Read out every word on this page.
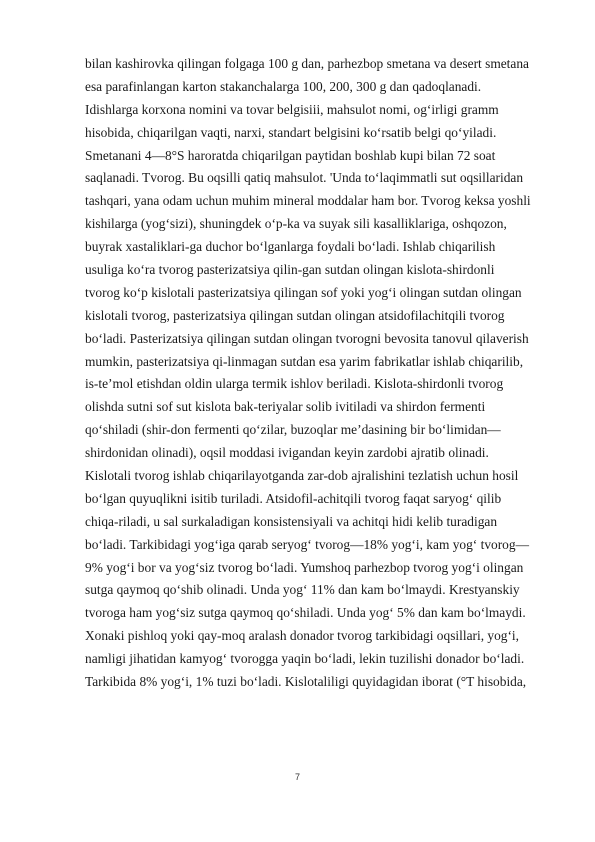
bilan kashirovka qilingan folgaga 100 g dan, parhezbop smetana va desert smetana

esa parafinlangan karton stakanchalarga 100, 200, 300 g dan qadoqlanadi.

Idishlarga korxona nomini va tovar belgisiii, mahsulot nomi, og‘irligi gramm

hisobida, chiqarilgan vaqti, narxi, standart belgisini ko‘rsatib belgi qo‘yiladi.

Smetanani 4—8°S haroratda chiqarilgan paytidan boshlab kupi bilan 72 soat

saqlanadi. Tvorog. Bu oqsilli qatiq mahsulot. 'Unda to‘laqimmatli sut oqsillaridan

tashqari, yana odam uchun muhim mineral moddalar ham bor. Tvorog keksa yoshli

kishilarga (yog‘sizi), shuningdek o‘p-ka va suyak sili kasalliklariga, oshqozon,

buyrak xastaliklari-ga duchor bo‘lganlarga foydali bo‘ladi. Ishlab chiqarilish

usuliga ko‘ra tvorog pasterizatsiya qilin-gan sutdan olingan kislota-shirdonli

tvorog ko‘p kislotali pasterizatsiya qilingan sof yoki yog‘i olingan sutdan olingan

kislotali tvorog, pasterizatsiya qilingan sutdan olingan atsidofilachitqili tvorog

bo‘ladi. Pasterizatsiya qilingan sutdan olingan tvorogni bevosita tanovul qilaverish

mumkin, pasterizatsiya qi-linmagan sutdan esa yarim fabrikatlar ishlab chiqarilib,

is-te’mol etishdan oldin ularga termik ishlov beriladi. Kislota-shirdonli tvorog

olishda sutni sof sut kislota bak-teriyalar solib ivitiladi va shirdon fermenti

qo‘shiladi (shir-don fermenti qo‘zilar, buzoqlar me’dasining bir bo‘limidan—

shirdonidan olinadi), oqsil moddasi ivigandan keyin zardobi ajratib olinadi.

Kislotali tvorog ishlab chiqarilayotganda zar-dob ajralishini tezlatish uchun hosil

bo‘lgan quyuqlikni isitib turiladi. Atsidofil-achitqili tvorog faqat saryog‘ qilib

chiqa-riladi, u sal surkaladigan konsistensiyali va achitqi hidi kelib turadigan

bo‘ladi. Tarkibidagi yog‘iga qarab seryog‘ tvorog—18% yog‘i, kam yog‘ tvorog—

9% yog‘i bor va yog‘siz tvorog bo‘ladi. Yumshoq parhezbop tvorog yog‘i olingan

sutga qaymoq qo‘shib olinadi. Unda yog‘ 11% dan kam bo‘lmaydi. Krestyanskiy

tvoroga ham yog‘siz sutga qaymoq qo‘shiladi. Unda yog‘ 5% dan kam bo‘lmaydi.

Xonaki pishloq yoki qay-moq aralash donador tvorog tarkibidagi oqsillari, yog‘i,

namligi jihatidan kamyog‘ tvorogga yaqin bo‘ladi, lekin tuzilishi donador bo‘ladi.

Tarkibida 8% yog‘i, 1% tuzi bo‘ladi. Kislotaliligi quyidagidan iborat (°T hisobida,

7
